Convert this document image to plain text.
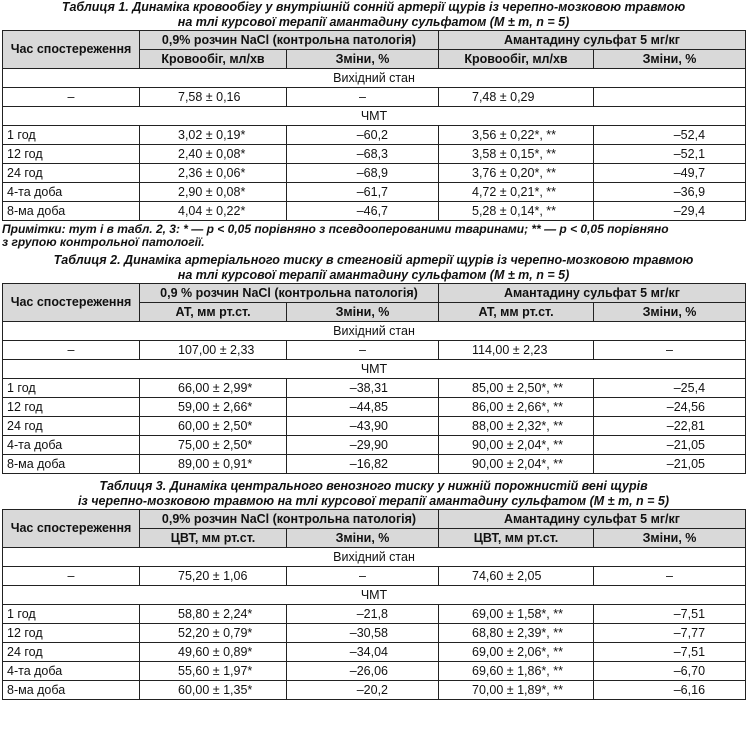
Таблиця 1. Динаміка кровообігу у внутрішній сонній артерії щурів із черепно-мозковою травмою
на тлі курсової терапії амантадину сульфатом (M ± m, n = 5)
Час спостереження	0,9% розчин NaCl (контрольна патологія)		Амантадину сульфат 5 мг/кг	
	Кровообіг, мл/хв	Зміни, %	Кровообіг, мл/хв	Зміни, %
Вихідний стан				
–	7,58 ± 0,16	–	7,48 ± 0,29	
ЧМТ				
1 год	3,02 ± 0,19*	–60,2	3,56 ± 0,22*, **	–52,4
12 год	2,40 ± 0,08*	–68,3	3,58 ± 0,15*, **	–52,1
24 год	2,36 ± 0,06*	–68,9	3,76 ± 0,20*, **	–49,7
4-та доба	2,90 ± 0,08*	–61,7	4,72 ± 0,21*, **	–36,9
8-ма доба	4,04 ± 0,22*	–46,7	5,28 ± 0,14*, **	–29,4
Примітки: тут і в табл. 2, 3: * — p < 0,05 порівняно з псевдооперованими тваринами; ** — p < 0,05 порівняно
з групою контрольної патології.
Таблиця 2. Динаміка артеріального тиску в стегновій артерії щурів із черепно-мозковою травмою
на тлі курсової терапії амантадину сульфатом (M ± m, n = 5)
Час спостереження	0,9 % розчин NaCl (контрольна патологія)		Амантадину сульфат 5 мг/кг	
	АТ, мм рт.ст.	Зміни, %	АТ, мм рт.ст.	Зміни, %
Вихідний стан				
–	107,00 ± 2,33	–	114,00 ± 2,23	–
ЧМТ				
1 год	66,00 ± 2,99*	–38,31	85,00 ± 2,50*, **	–25,4
12 год	59,00 ± 2,66*	–44,85	86,00 ± 2,66*, **	–24,56
24 год	60,00 ± 2,50*	–43,90	88,00 ± 2,32*, **	–22,81
4-та доба	75,00 ± 2,50*	–29,90	90,00 ± 2,04*, **	–21,05
8-ма доба	89,00 ± 0,91*	–16,82	90,00 ± 2,04*, **	–21,05
Таблиця 3. Динаміка центрального венозного тиску у нижній порожнистій вені щурів
із черепно-мозковою травмою на тлі курсової терапії амантадину сульфатом (M ± m, n = 5)
Час спостереження	0,9% розчин NaCl (контрольна патологія)		Амантадину сульфат 5 мг/кг	
	ЦВТ, мм рт.ст.	Зміни, %	ЦВТ, мм рт.ст.	Зміни, %
Вихідний стан				
–	75,20 ± 1,06	–	74,60 ± 2,05	–
ЧМТ				
1 год	58,80 ± 2,24*	–21,8	69,00 ± 1,58*, **	–7,51
12 год	52,20 ± 0,79*	–30,58	68,80 ± 2,39*, **	–7,77
24 год	49,60 ± 0,89*	–34,04	69,00 ± 2,06*, **	–7,51
4-та доба	55,60 ± 1,97*	–26,06	69,60 ± 1,86*, **	–6,70
8-ма доба	60,00 ± 1,35*	–20,2	70,00 ± 1,89*, **	–6,16
